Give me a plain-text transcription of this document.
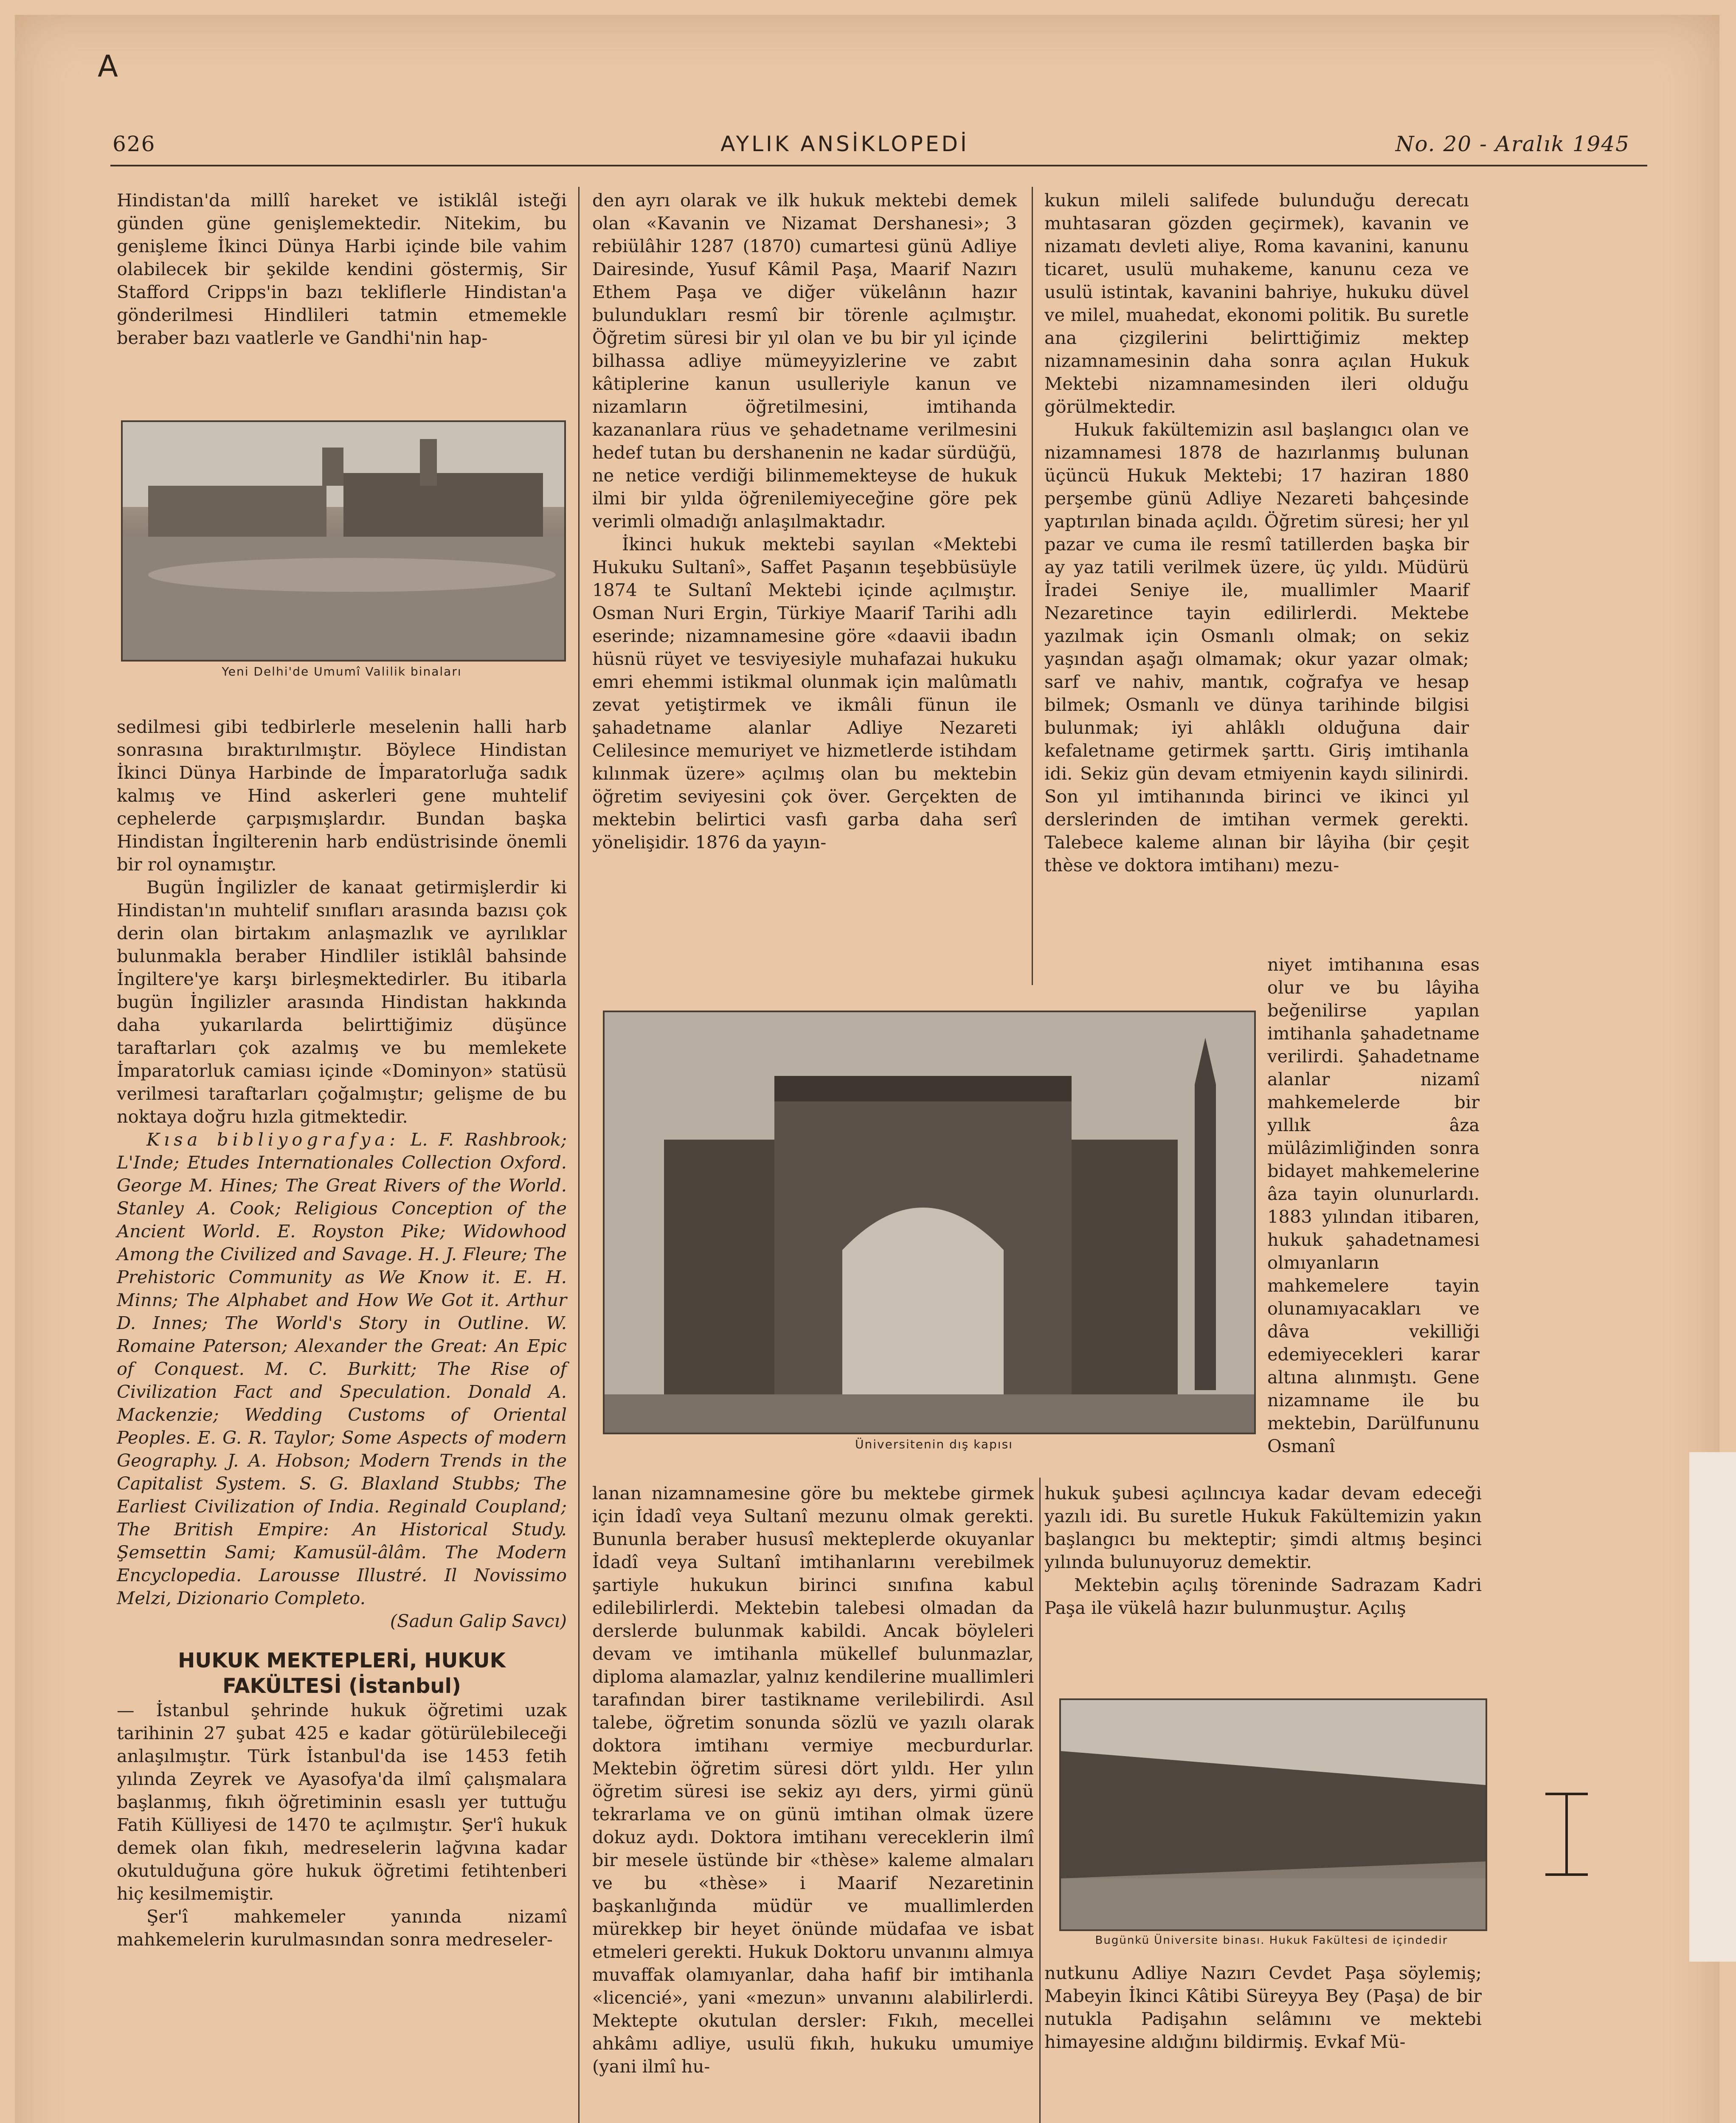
A
I
626	AYLIK ANSİKLOPEDİ	No. 20 - Aralık 1945

Hindistan'da millî hareket ve istiklâl isteği günden güne genişlemektedir. Nitekim, bu genişleme İkinci Dünya Harbi içinde bile vahim olabilecek bir şekilde kendini göstermiş, Sir Stafford Cripps'in bazı tekliflerle Hindistan'a gönderilmesi Hindlileri tatmin etmemekle beraber bazı vaatlerle ve Gandhi'nin hap-

Yeni Delhi'de Umumî Valilik binaları

sedilmesi gibi tedbirlerle meselenin halli harb sonrasına bıraktırılmıştır. Böylece Hindistan İkinci Dünya Harbinde de İmparatorluğa sadık kalmış ve Hind askerleri gene muhtelif cephelerde çarpışmışlardır. Bundan başka Hindistan İngilterenin harb endüstrisinde önemli bir rol oynamıştır.

Bugün İngilizler de kanaat getirmişlerdir ki Hindistan'ın muhtelif sınıfları arasında bazısı çok derin olan birtakım anlaşmazlık ve ayrılıklar bulunmakla beraber Hindliler istiklâl bahsinde İngiltere'ye karşı birleşmektedirler. Bu itibarla bugün İngilizler arasında Hindistan hakkında daha yukarılarda belirttiğimiz düşünce taraftarları çok azalmış ve bu memlekete İmparatorluk camiası içinde «Dominyon» statüsü verilmesi taraftarları çoğalmıştır; gelişme de bu noktaya doğru hızla gitmektedir.

Kısa bibliyografya: L. F. Rashbrook; L'Inde; Etudes Internationales Collection Oxford. George M. Hines; The Great Rivers of the World. Stanley A. Cook; Religious Conception of the Ancient World. E. Royston Pike; Widowhood Among the Civilized and Savage. H. J. Fleure; The Prehistoric Community as We Know it. E. H. Minns; The Alphabet and How We Got it. Arthur D. Innes; The World's Story in Outline. W. Romaine Paterson; Alexander the Great: An Epic of Conquest. M. C. Burkitt; The Rise of Civilization Fact and Speculation. Donald A. Mackenzie; Wedding Customs of Oriental Peoples. E. G. R. Taylor; Some Aspects of modern Geography. J. A. Hobson; Modern Trends in the Capitalist System. S. G. Blaxland Stubbs; The Earliest Civilization of India. Reginald Coupland; The British Empire: An Historical Study. Şemsettin Sami; Kamusül-âlâm. The Modern Encyclopedia. Larousse Illustré. Il Novissimo Melzi, Dizionario Completo.

(Sadun Galip Savcı)

HUKUK MEKTEPLERİ, HUKUK FAKÜLTESİ (İstanbul)

— İstanbul şehrinde hukuk öğretimi uzak tarihinin 27 şubat 425 e kadar götürülebileceği anlaşılmıştır. Türk İstanbul'da ise 1453 fetih yılında Zeyrek ve Ayasofya'da ilmî çalışmalara başlanmış, fıkıh öğretiminin esaslı yer tuttuğu Fatih Külliyesi de 1470 te açılmıştır. Şer'î hukuk demek olan fıkıh, medreselerin lağvına kadar okutulduğuna göre hukuk öğretimi fetihtenberi hiç kesilmemiştir.

Şer'î mahkemeler yanında nizamî mahkemelerin kurulmasından sonra medreseler-

den ayrı olarak ve ilk hukuk mektebi demek olan «Kavanin ve Nizamat Dershanesi»; 3 rebiülâhir 1287 (1870) cumartesi günü Adliye Dairesinde, Yusuf Kâmil Paşa, Maarif Nazırı Ethem Paşa ve diğer vükelânın hazır bulundukları resmî bir törenle açılmıştır. Öğretim süresi bir yıl olan ve bu bir yıl içinde bilhassa adliye mümeyyizlerine ve zabıt kâtiplerine kanun usulleriyle kanun ve nizamların öğretilmesini, imtihanda kazananlara rüus ve şehadetname verilmesini hedef tutan bu dershanenin ne kadar sürdüğü, ne netice verdiği bilinmemekteyse de hukuk ilmi bir yılda öğrenilemiyeceğine göre pek verimli olmadığı anlaşılmaktadır.

İkinci hukuk mektebi sayılan «Mektebi Hukuku Sultanî», Saffet Paşanın teşebbüsüyle 1874 te Sultanî Mektebi içinde açılmıştır. Osman Nuri Ergin, Türkiye Maarif Tarihi adlı eserinde; nizamnamesine göre «daavii ibadın hüsnü rüyet ve tesviyesiyle muhafazai hukuku emri ehemmi istikmal olunmak için malûmatlı zevat yetiştirmek ve ikmâli fünun ile şahadetname alanlar Adliye Nezareti Celilesince memuriyet ve hizmetlerde istihdam kılınmak üzere» açılmış olan bu mektebin öğretim seviyesini çok över. Gerçekten de mektebin belirtici vasfı garba daha serî yönelişidir. 1876 da yayın-

kukun mileli salifede bulunduğu derecatı muhtasaran gözden geçirmek), kavanin ve nizamatı devleti aliye, Roma kavanini, kanunu ticaret, usulü muhakeme, kanunu ceza ve usulü istintak, kavanini bahriye, hukuku düvel ve milel, muahedat, ekonomi politik. Bu suretle ana çizgilerini belirttiğimiz mektep nizamnamesinin daha sonra açılan Hukuk Mektebi nizamnamesinden ileri olduğu görülmektedir.

Hukuk fakültemizin asıl başlangıcı olan ve nizamnamesi 1878 de hazırlanmış bulunan üçüncü Hukuk Mektebi; 17 haziran 1880 perşembe günü Adliye Nezareti bahçesinde yaptırılan binada açıldı. Öğretim süresi; her yıl pazar ve cuma ile resmî tatillerden başka bir ay yaz tatili verilmek üzere, üç yıldı. Müdürü İradei Seniye ile, muallimler Maarif Nezaretince tayin edilirlerdi. Mektebe yazılmak için Osmanlı olmak; on sekiz yaşından aşağı olmamak; okur yazar olmak; sarf ve nahiv, mantık, coğrafya ve hesap bilmek; Osmanlı ve dünya tarihinde bilgisi bulunmak; iyi ahlâklı olduğuna dair kefaletname getirmek şarttı. Giriş imtihanla idi. Sekiz gün devam etmiyenin kaydı silinirdi. Son yıl imtihanında birinci ve ikinci yıl derslerinden de imtihan vermek gerekti. Talebece kaleme alınan bir lâyiha (bir çeşit thèse ve doktora imtihanı) mezu-

Üniversitenin dış kapısı

niyet imtihanına esas olur ve bu lâyiha beğenilirse yapılan imtihanla şahadetname verilirdi. Şahadetname alanlar nizamî mahkemelerde bir yıllık âza mülâzimliğinden sonra bidayet mahkemelerine âza tayin olunurlardı. 1883 yılından itibaren, hukuk şahadetnamesi olmıyanların mahkemelere tayin olunamıyacakları ve dâva vekilliği edemiyecekleri karar altına alınmıştı. Gene nizamname ile bu mektebin, Darülfununu Osmanî

lanan nizamnamesine göre bu mektebe girmek için İdadî veya Sultanî mezunu olmak gerekti. Bununla beraber hususî mekteplerde okuyanlar İdadî veya Sultanî imtihanlarını verebilmek şartiyle hukukun birinci sınıfına kabul edilebilirlerdi. Mektebin talebesi olmadan da derslerde bulunmak kabildi. Ancak böyleleri devam ve imtihanla mükellef bulunmazlar, diploma alamazlar, yalnız kendilerine muallimleri tarafından birer tastikname verilebilirdi. Asıl talebe, öğretim sonunda sözlü ve yazılı olarak doktora imtihanı vermiye mecburdurlar. Mektebin öğretim süresi dört yıldı. Her yılın öğretim süresi ise sekiz ayı ders, yirmi günü tekrarlama ve on günü imtihan olmak üzere dokuz aydı. Doktora imtihanı vereceklerin ilmî bir mesele üstünde bir «thèse» kaleme almaları ve bu «thèse» i Maarif Nezaretinin başkanlığında müdür ve muallimlerden mürekkep bir heyet önünde müdafaa ve isbat etmeleri gerekti. Hukuk Doktoru unvanını almıya muvaffak olamıyanlar, daha hafif bir imtihanla «licencié», yani «mezun» unvanını alabilirlerdi. Mektepte okutulan dersler: Fıkıh, mecellei ahkâmı adliye, usulü fıkıh, hukuku umumiye (yani ilmî hu-

hukuk şubesi açılıncıya kadar devam edeceği yazılı idi. Bu suretle Hukuk Fakültemizin yakın başlangıcı bu mekteptir; şimdi altmış beşinci yılında bulunuyoruz demektir.

Mektebin açılış töreninde Sadrazam Kadri Paşa ile vükelâ hazır bulunmuştur. Açılış

Bugünkü Üniversite binası. Hukuk Fakültesi de içindedir

nutkunu Adliye Nazırı Cevdet Paşa söylemiş; Mabeyin İkinci Kâtibi Süreyya Bey (Paşa) de bir nutukla Padişahın selâmını ve mektebi himayesine aldığını bildirmiş. Evkaf Mü-
